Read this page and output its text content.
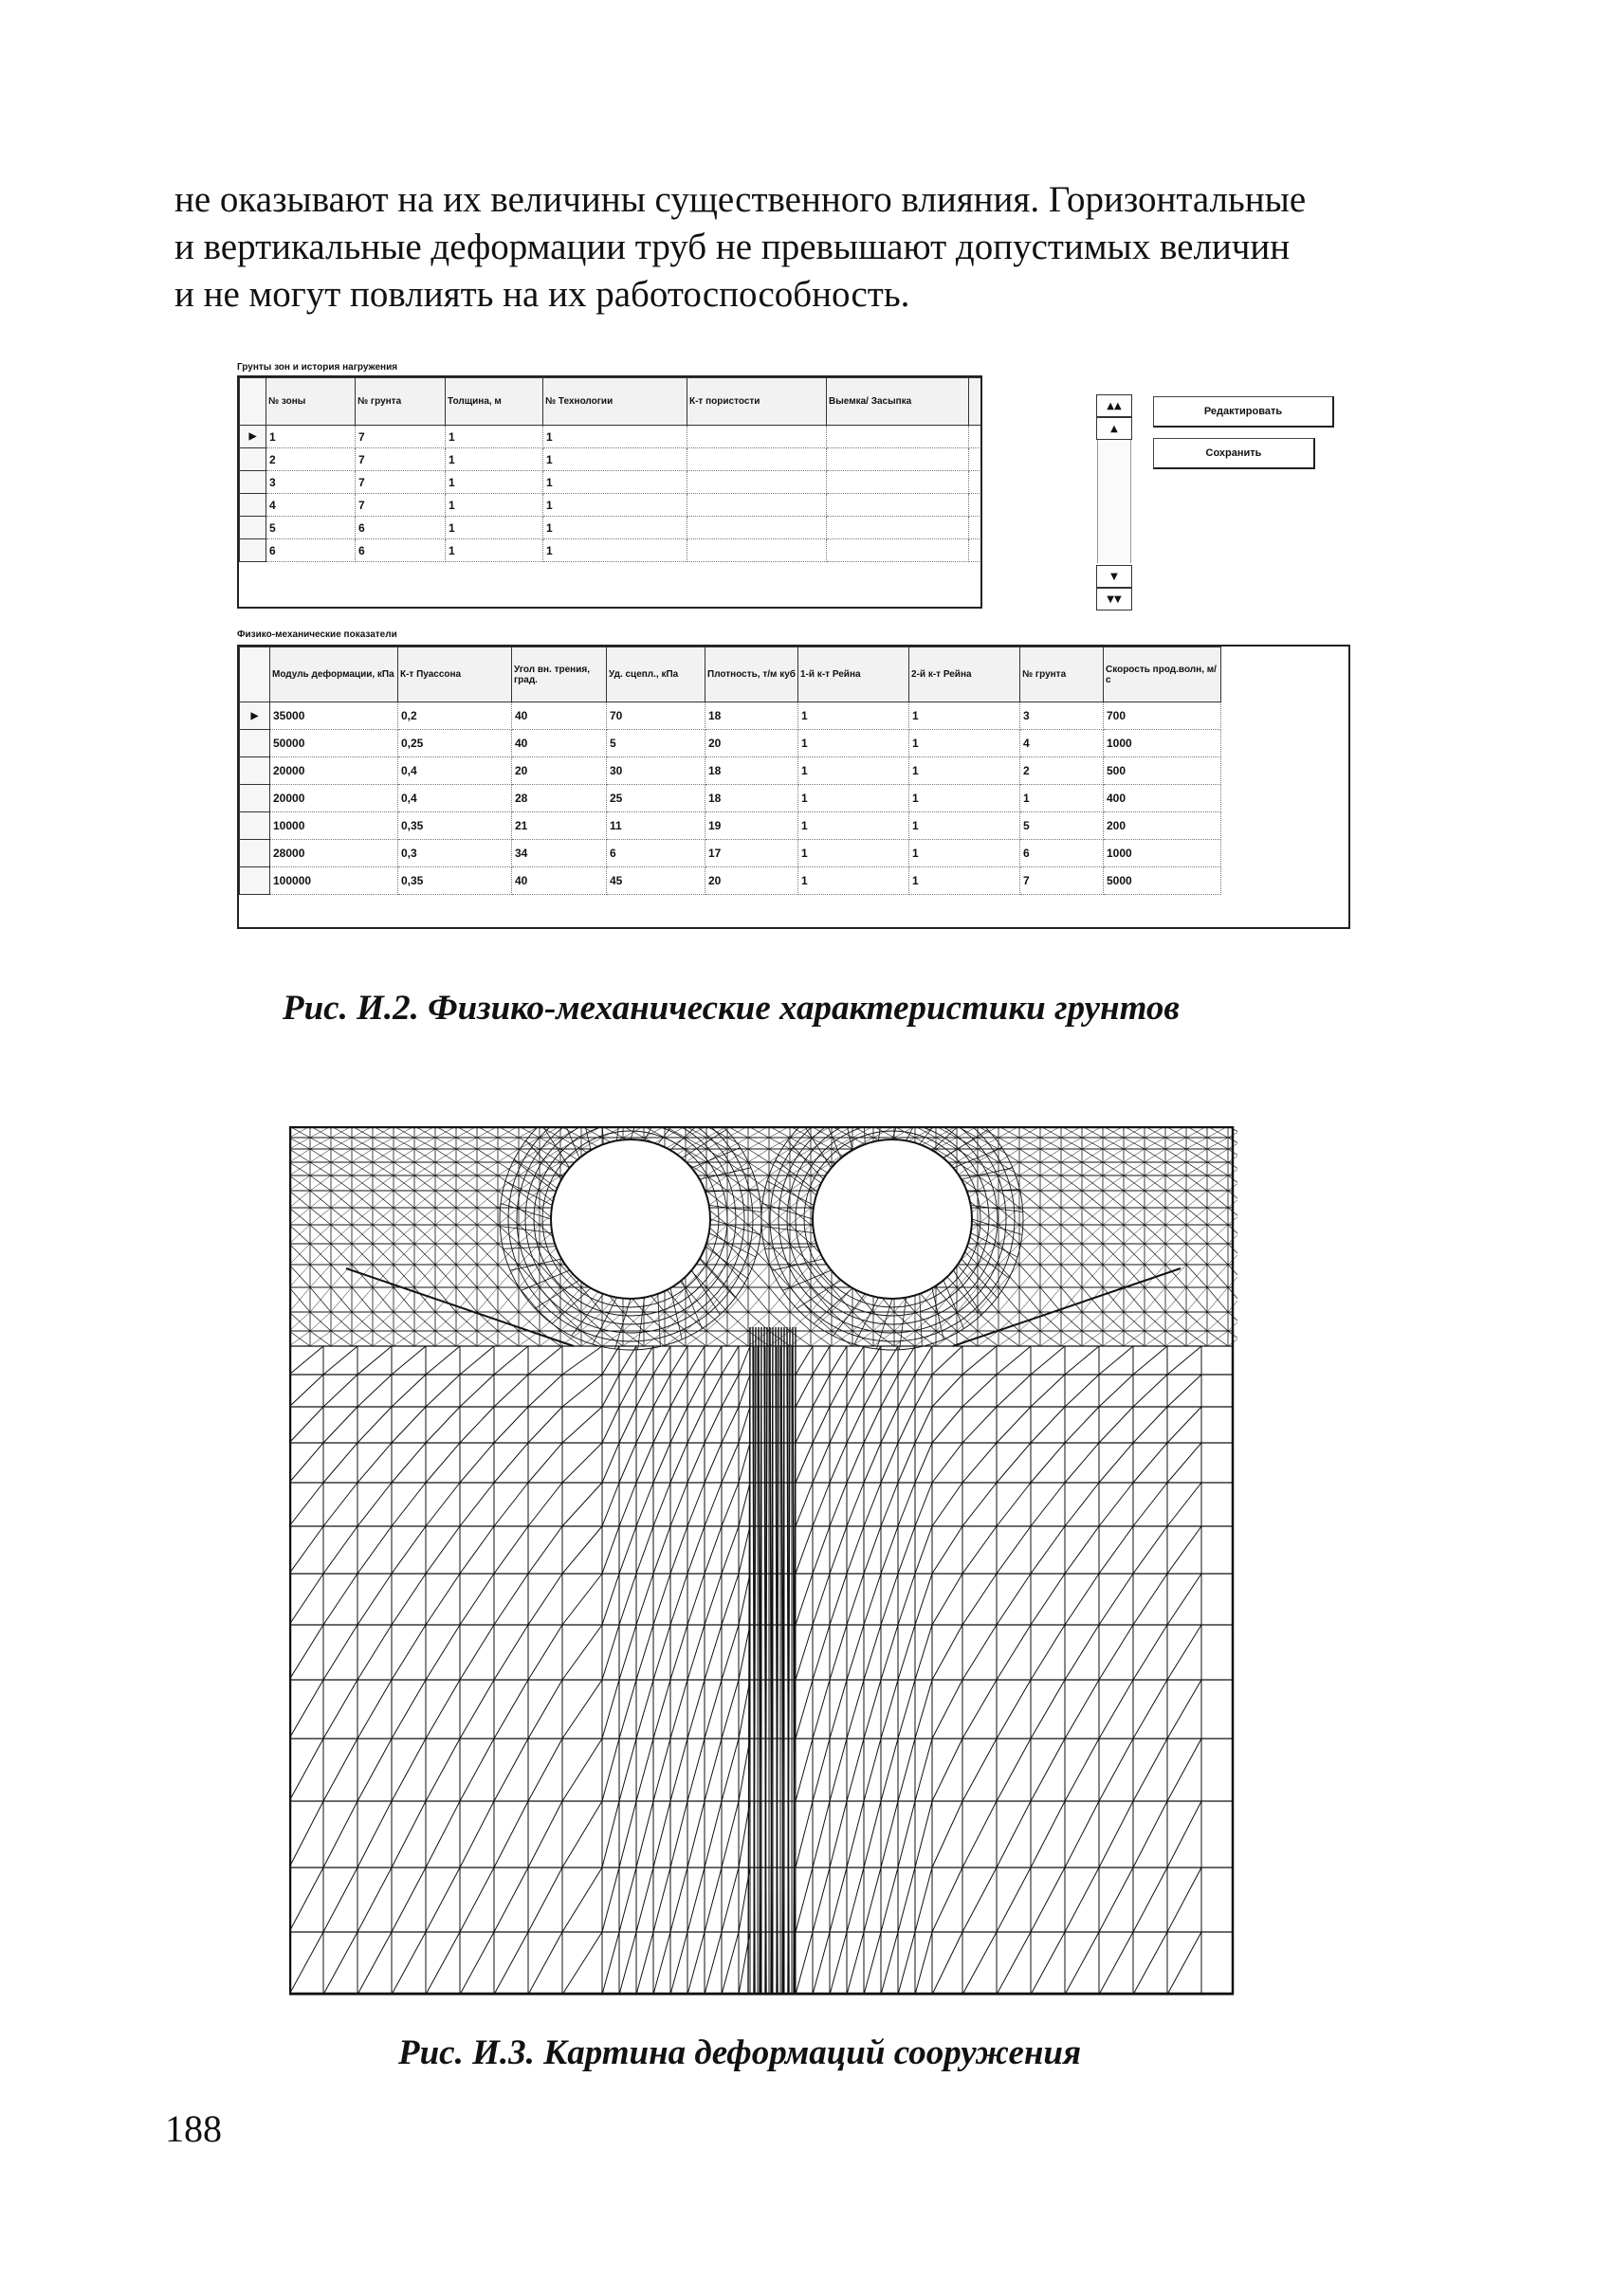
не оказывают на их величины существенного влияния. Горизонтальные
и вертикальные деформации труб не превышают допустимых величин
и не могут повлиять на их работоспособность.

Грунты зон и история нагружения

	№ зоны	№ грунта	Толщина, м	№ Технологии	К-т пористости	Выемка/ Засыпка	
▶	1	7	1	1			
	2	7	1	1			
	3	7	1	1			
	4	7	1	1			
	5	6	1	1			
	6	6	1	1			
▲▲
▲
▼
▼▼
Редактировать
Сохранить

Физико-механические показатели

	Модуль деформации, кПа	К-т Пуассона	Угол вн. трения, град.	Уд. сцепл., кПа	Плотность, т/м куб	1-й к-т Рейна	2-й к-т Рейна	№ грунта	Скорость прод.волн, м/с	
▶	35000	0,2	40	70	18	1	1	3	700	
	50000	0,25	40	5	20	1	1	4	1000	
	20000	0,4	20	30	18	1	1	2	500	
	20000	0,4	28	25	18	1	1	1	400	
	10000	0,35	21	11	19	1	1	5	200	
	28000	0,3	34	6	17	1	1	6	1000	
	100000	0,35	40	45	20	1	1	7	5000	

Рис. И.2. Физико-механические характеристики грунтов

Рис. И.3. Картина деформаций сооружения

188
